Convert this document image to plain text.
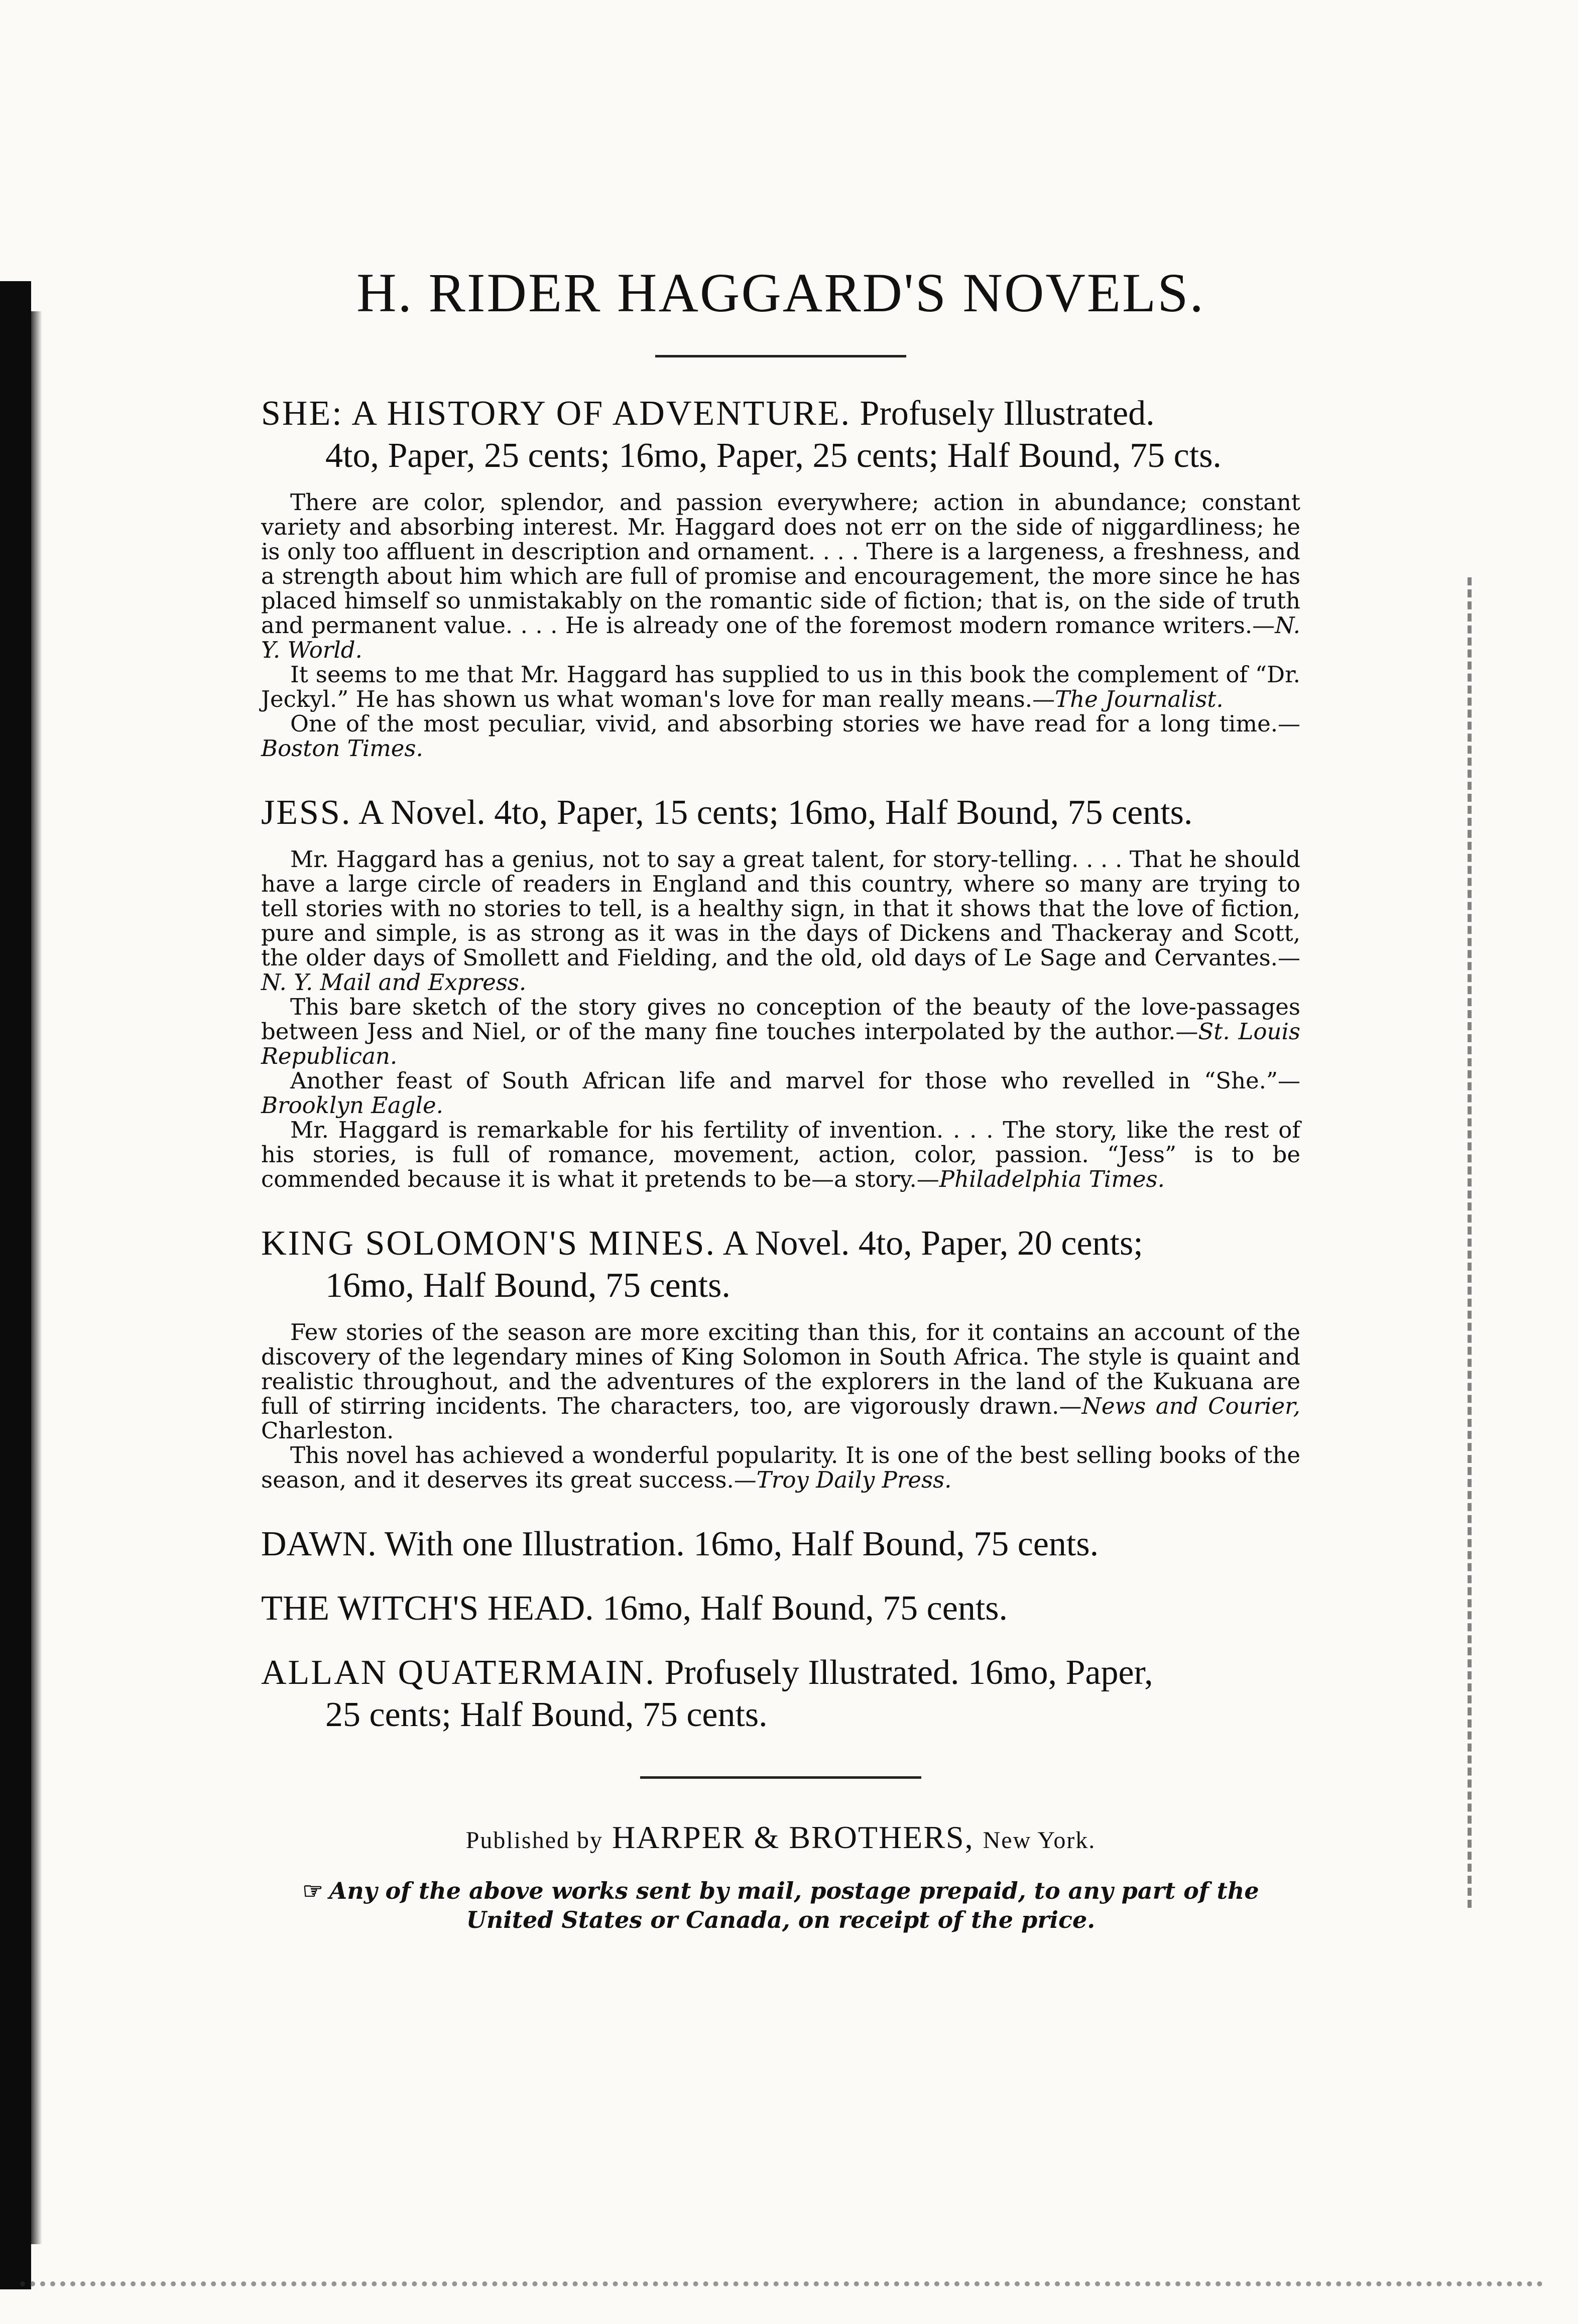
H. RIDER HAGGARD'S NOVELS.

SHE: A HISTORY OF ADVENTURE. Profusely Illustrated.
4to, Paper, 25 cents; 16mo, Paper, 25 cents; Half Bound, 75 cts.

There are color, splendor, and passion everywhere; action in abundance; constant variety and absorbing interest. Mr. Haggard does not err on the side of niggardliness; he is only too affluent in description and ornament. . . . There is a largeness, a freshness, and a strength about him which are full of promise and encouragement, the more since he has placed himself so unmistakably on the romantic side of fiction; that is, on the side of truth and permanent value. . . . He is already one of the foremost modern romance writers.—N. Y. World.

It seems to me that Mr. Haggard has supplied to us in this book the complement of “Dr. Jeckyl.” He has shown us what woman's love for man really means.—The Journalist.

One of the most peculiar, vivid, and absorbing stories we have read for a long time.—Boston Times.

JESS. A Novel. 4to, Paper, 15 cents; 16mo, Half Bound, 75 cents.

Mr. Haggard has a genius, not to say a great talent, for story-telling. . . . That he should have a large circle of readers in England and this country, where so many are trying to tell stories with no stories to tell, is a healthy sign, in that it shows that the love of fiction, pure and simple, is as strong as it was in the days of Dickens and Thackeray and Scott, the older days of Smollett and Fielding, and the old, old days of Le Sage and Cervantes.—N. Y. Mail and Express.

This bare sketch of the story gives no conception of the beauty of the love-passages between Jess and Niel, or of the many fine touches interpolated by the author.—St. Louis Republican.

Another feast of South African life and marvel for those who revelled in “She.”—Brooklyn Eagle.

Mr. Haggard is remarkable for his fertility of invention. . . . The story, like the rest of his stories, is full of romance, movement, action, color, passion. “Jess” is to be commended because it is what it pretends to be—a story.—Philadelphia Times.

KING SOLOMON'S MINES. A Novel. 4to, Paper, 20 cents;
16mo, Half Bound, 75 cents.

Few stories of the season are more exciting than this, for it contains an account of the discovery of the legendary mines of King Solomon in South Africa. The style is quaint and realistic throughout, and the adventures of the explorers in the land of the Kukuana are full of stirring incidents. The characters, too, are vigorously drawn.—News and Courier, Charleston.

This novel has achieved a wonderful popularity. It is one of the best selling books of the season, and it deserves its great success.—Troy Daily Press.

DAWN. With one Illustration. 16mo, Half Bound, 75 cents.

THE WITCH'S HEAD. 16mo, Half Bound, 75 cents.

ALLAN QUATERMAIN. Profusely Illustrated. 16mo, Paper,
25 cents; Half Bound, 75 cents.

Published by HARPER & BROTHERS, New York.

☞ Any of the above works sent by mail, postage prepaid, to any part of the United States or Canada, on receipt of the price.
